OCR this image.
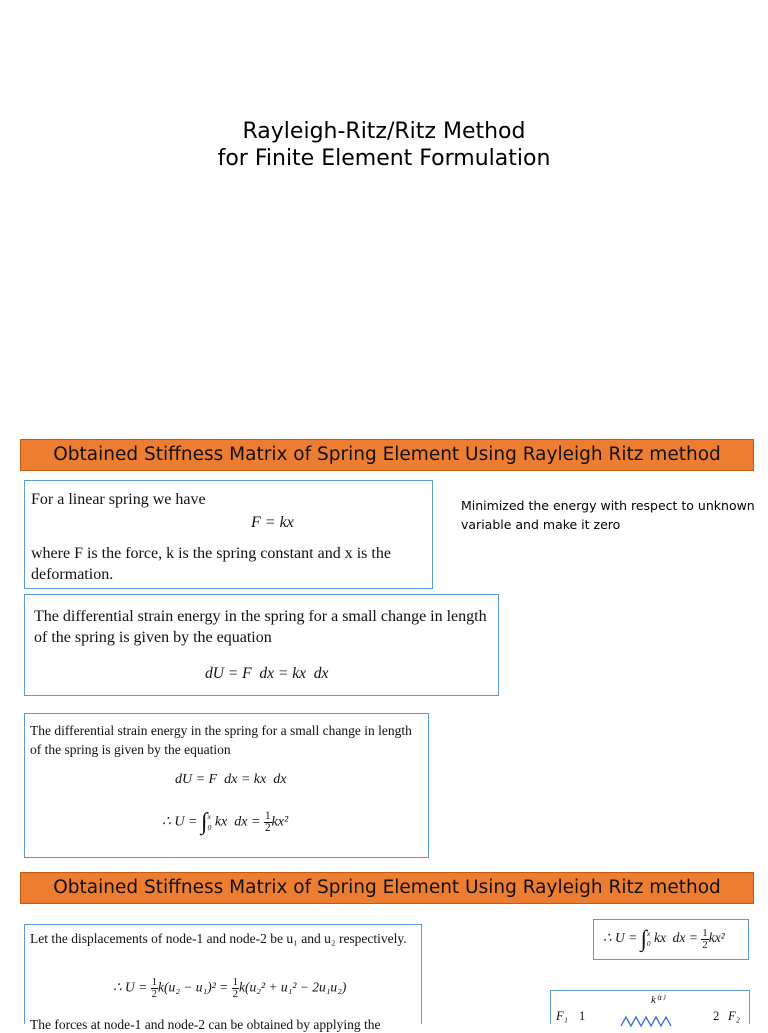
Rayleigh-Ritz/Ritz Method
for Finite Element Formulation
Obtained Stiffness Matrix of Spring Element Using Rayleigh Ritz method
For a linear spring we have
F = kx
where F is the force, k is the spring constant and x is the deformation.
Minimized the energy with respect to unknown variable and make it zero
The differential strain energy in the spring for a small change in length of the spring is given by the equation
dU = F  dx = kx  dx
The differential strain energy in the spring for a small change in length of the spring is given by the equation
dU = F  dx = kx  dx
∴ U = ∫ x
0 kx  dx = $\frac{1}{2} kx^2$
Obtained Stiffness Matrix of Spring Element Using Rayleigh Ritz method
Let the displacements of node-1 and node-2 be u₁ and u₂ respectively.
∴ $U = \frac{1}{2} k(u_2 - u_1)^2 = \frac{1}{2} k(u_2^2 + u_1^2 - 2u_1u_2)$
The forces at node-1 and node-2 can be obtained by applying the
∴ U = ∫ x
0 kx  dx = $\frac{1}{2} kx^2$
k⁽¹⁾
F₁ 1	2 F₂
